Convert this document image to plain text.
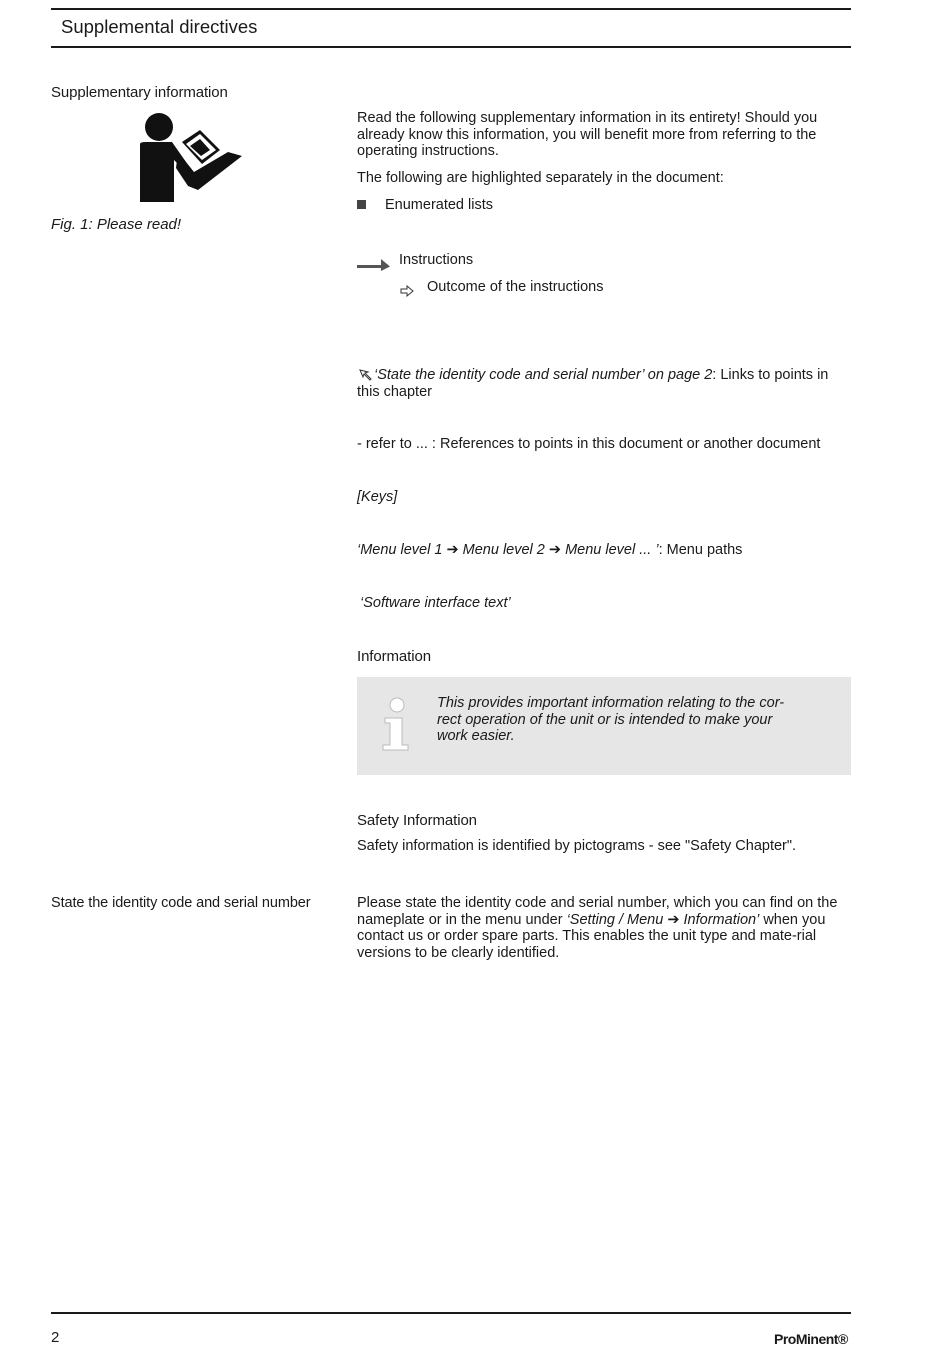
Supplemental directives
Supplementary information
Fig. 1: Please read!
Read the following supplementary information in its entirety! Should you already know this information, you will benefit more from referring to the operating instructions.
The following are highlighted separately in the document:
Enumerated lists
Instructions
Outcome of the instructions
‘State the identity code and serial number’ on page 2: Links to points in this chapter
- refer to ... : References to points in this document or another document
[Keys]
‘Menu level 1 ➔ Menu level 2 ➔ Menu level ... ’: Menu paths
‘Software interface text’
Information
This provides important information relating to the cor-rect operation of the unit or is intended to make your work easier.
Safety Information
Safety information is identified by pictograms - see "Safety Chapter".
State the identity code and serial number	Please state the identity code and serial number, which you can find on the nameplate or in the menu under ‘Setting / Menu ➔ Information’ when you contact us or order spare parts. This enables the unit type and mate-rial versions to be clearly identified.
2	ProMinent®
